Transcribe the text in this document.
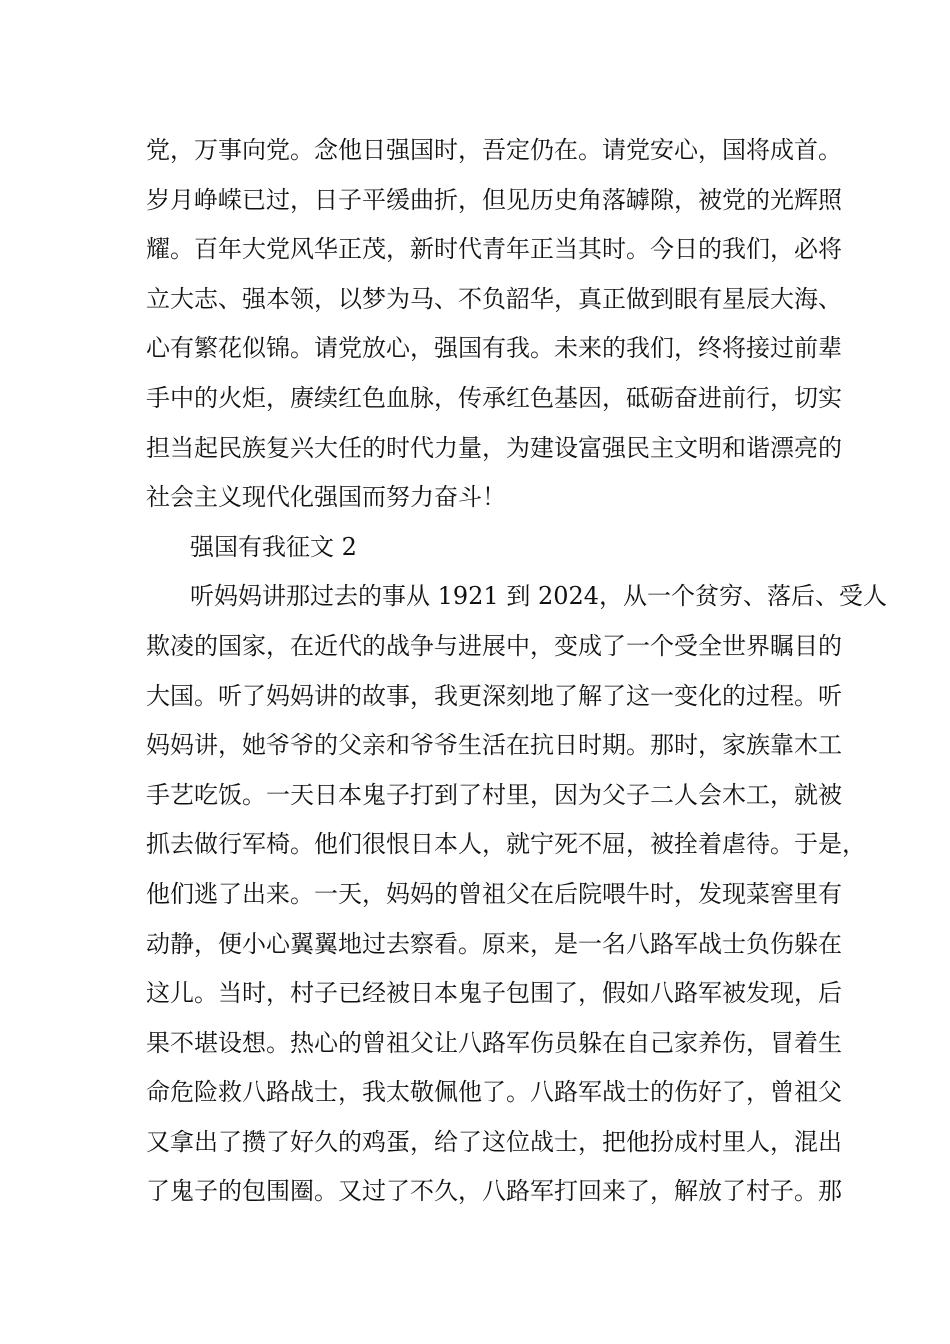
党，万事向党。念他日强国时，吾定仍在。请党安心，国将成首。
岁月峥嵘已过，日子平缓曲折，但见历史角落罅隙，被党的光辉照
耀。百年大党风华正茂，新时代青年正当其时。今日的我们，必将
立大志、强本领，以梦为马、不负韶华，真正做到眼有星辰大海、
心有繁花似锦。请党放心，强国有我。未来的我们，终将接过前辈
手中的火炬，赓续红色血脉，传承红色基因，砥砺奋进前行，切实
担当起民族复兴大任的时代力量，为建设富强民主文明和谐漂亮的
社会主义现代化强国而努力奋斗！
强国有我征文 2
听妈妈讲那过去的事从 1921 到 2024，从一个贫穷、落后、受人
欺凌的国家，在近代的战争与进展中，变成了一个受全世界瞩目的
大国。听了妈妈讲的故事，我更深刻地了解了这一变化的过程。听
妈妈讲，她爷爷的父亲和爷爷生活在抗日时期。那时，家族靠木工
手艺吃饭。一天日本鬼子打到了村里，因为父子二人会木工，就被
抓去做行军椅。他们很恨日本人，就宁死不屈，被拴着虐待。于是，
他们逃了出来。一天，妈妈的曾祖父在后院喂牛时，发现菜窖里有
动静，便小心翼翼地过去察看。原来，是一名八路军战士负伤躲在
这儿。当时，村子已经被日本鬼子包围了，假如八路军被发现，后
果不堪设想。热心的曾祖父让八路军伤员躲在自己家养伤，冒着生
命危险救八路战士，我太敬佩他了。八路军战士的伤好了，曾祖父
又拿出了攒了好久的鸡蛋，给了这位战士，把他扮成村里人，混出
了鬼子的包围圈。又过了不久，八路军打回来了，解放了村子。那
